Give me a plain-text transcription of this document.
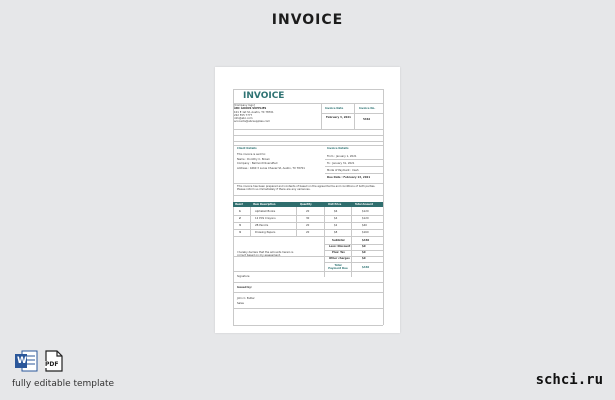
INVOICE
INVOICE
[Company logo]
ABC GOODS SUPPLIES
101 E 1st St, Austin, TX 78701
222 555 7777
info@abc.com
accounts@abcsupplies.com
Invoice Date	Invoice No.
February 3, 2021
5462
Client Details
This invoice is sent to:
Name : Dorothy C. Brown
Company : Belmont Diversified
Address : 4260 3 Lucas Chavez St, Austin, TX 78701
Invoice Details
From : January 1, 2021
To : January 31, 2021
Mode of Payment : Cash
Due Date : February 13, 2021
This invoice has been prepared and contents of based on the agreed terms and conditions of both parties. Please inform us immediately if there are any variances.
Item#	Item Description	Quantity	Unit Price	Total Amount
1	Alphabet Books	20	$6	$120
2	12 PCS Crayons	30	$4	$120
3	2B Pencils	20	$2	$40
4	Drawing Papers	20	$8	$160
Subtotal	$440
Less: Discount	$0
Plus: Tax	$0
Other charges	$0
Total Payment Due	$440
I hereby declare that the amounts herein is correct based on my assessment.
Signature
Issued by:
John C. Butler
Sales
W	PDF
fully editable template	schci.ru
